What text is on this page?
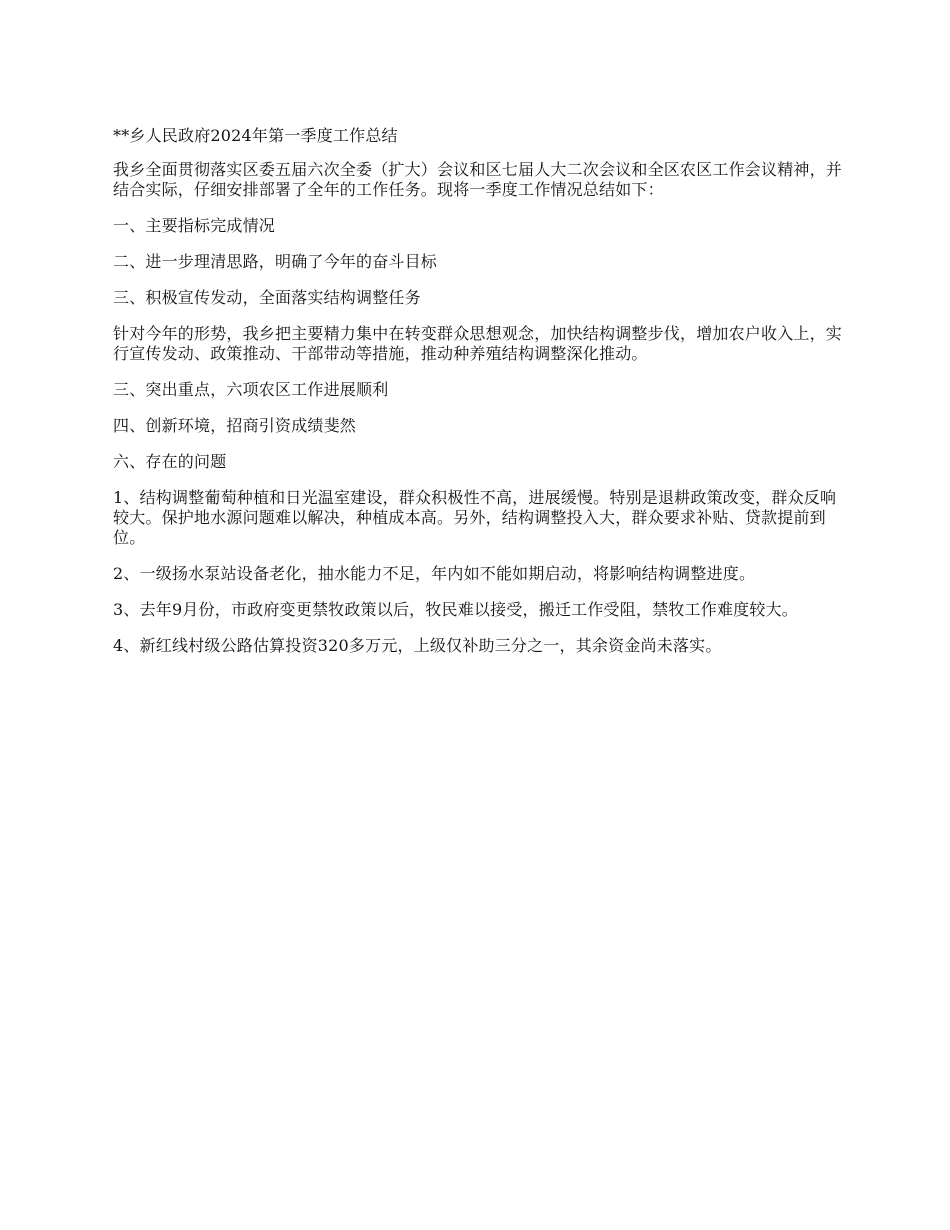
**乡人民政府2024年第一季度工作总结

我乡全面贯彻落实区委五届六次全委（扩大）会议和区七届人大二次会议和全区农区工作会议精神，并结合实际，仔细安排部署了全年的工作任务。现将一季度工作情况总结如下：

一、主要指标完成情况

二、进一步理清思路，明确了今年的奋斗目标

三、积极宣传发动，全面落实结构调整任务

针对今年的形势，我乡把主要精力集中在转变群众思想观念，加快结构调整步伐，增加农户收入上，实行宣传发动、政策推动、干部带动等措施，推动种养殖结构调整深化推动。

三、突出重点，六项农区工作进展顺利

四、创新环境，招商引资成绩斐然

六、存在的问题

1、结构调整葡萄种植和日光温室建设，群众积极性不高，进展缓慢。特别是退耕政策改变，群众反响较大。保护地水源问题难以解决，种植成本高。另外，结构调整投入大，群众要求补贴、贷款提前到位。

2、一级扬水泵站设备老化，抽水能力不足，年内如不能如期启动，将影响结构调整进度。

3、去年9月份，市政府变更禁牧政策以后，牧民难以接受，搬迁工作受阻，禁牧工作难度较大。

4、新红线村级公路估算投资320多万元，上级仅补助三分之一，其余资金尚未落实。
